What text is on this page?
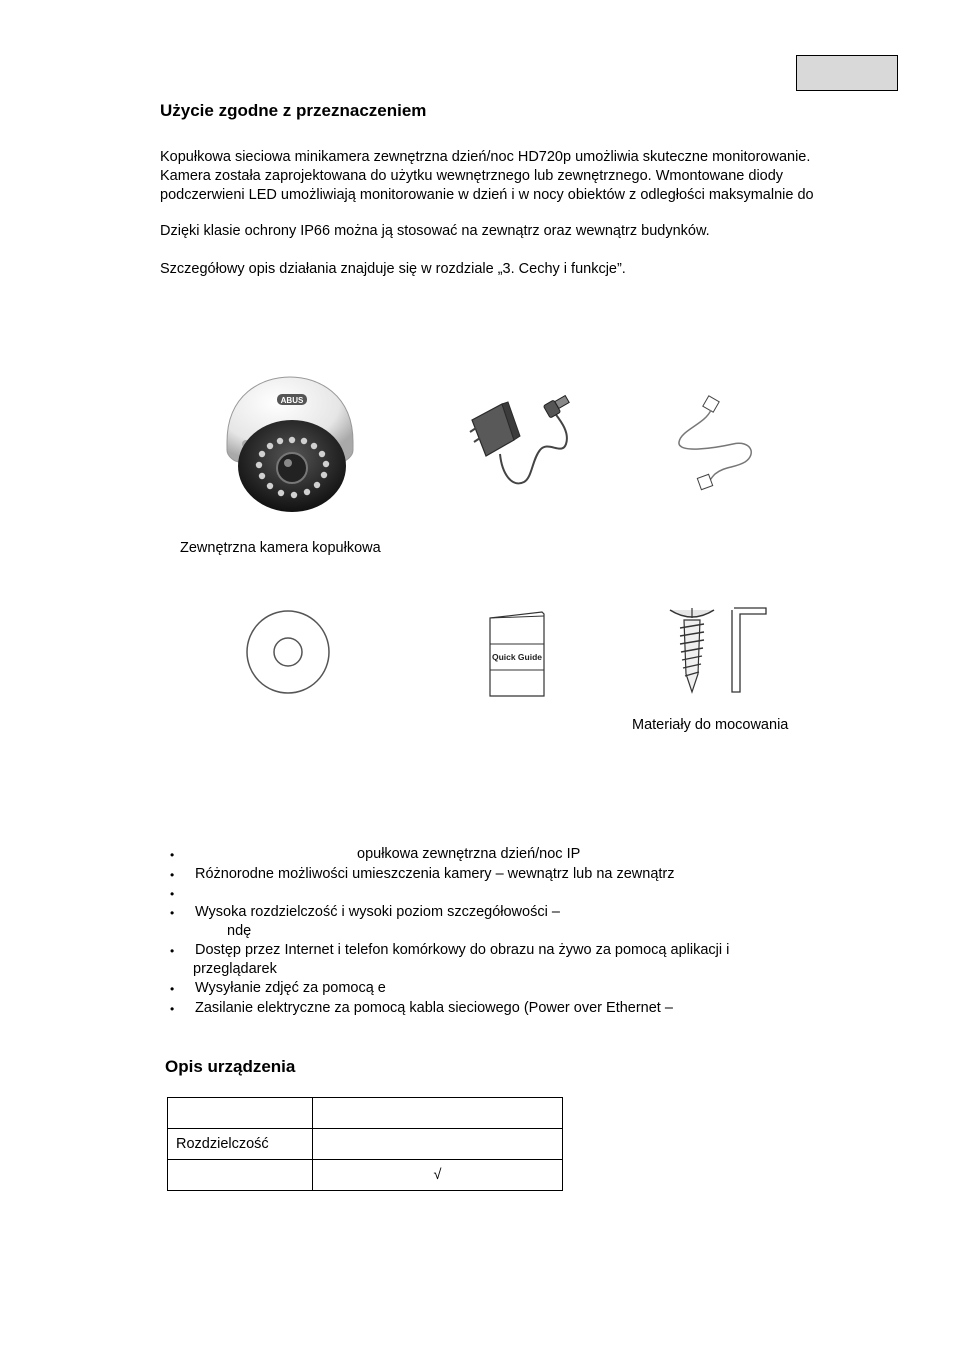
Użycie zgodne z przeznaczeniem
Kopułkowa sieciowa minikamera zewnętrzna dzień/noc HD720p umożliwia skuteczne monitorowanie.
Kamera została zaprojektowana do użytku wewnętrznego lub zewnętrznego. Wmontowane diody
podczerwieni LED umożliwiają monitorowanie w dzień i w nocy obiektów z odległości maksymalnie do
Dzięki klasie ochrony IP66 można ją stosować na zewnątrz oraz wewnątrz budynków.
Szczegółowy opis działania znajduje się w rozdziale „3. Cechy i funkcje”.
ABUS
Zewnętrzna kamera kopułkowa
Quick Guide
Materiały do mocowania
•	opułkowa zewnętrzna dzień/noc IP
• Różnorodne możliwości umieszczenia kamery – wewnątrz lub na zewnątrz
•
• Wysoka rozdzielczość i wysoki poziom szczegółowości –
ndę
• Dostęp przez Internet i telefon komórkowy do obrazu na żywo za pomocą aplikacji i
przeglądarek
• Wysyłanie zdjęć za pomocą e
• Zasilanie elektryczne za pomocą kabla sieciowego (Power over Ethernet –
Opis urządzenia

Rozdzielczość	
	√
